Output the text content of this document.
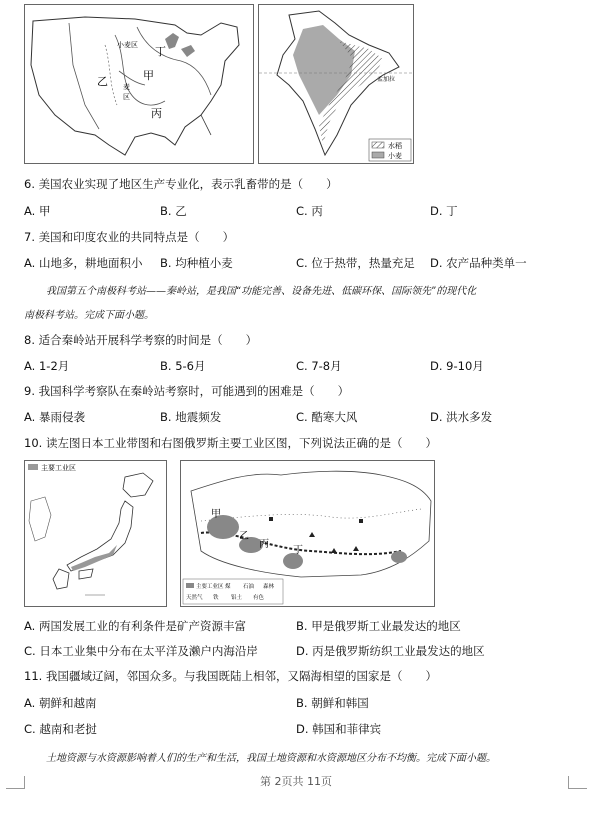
乙	甲
丙
丁
小麦区
麦
区
孟加拉
水稻
小麦
6. 美国农业实现了地区生产专业化，表示乳畜带的是（　　）
A. 甲	B. 乙	C. 丙	D. 丁
7. 美国和印度农业的共同特点是（　　）
A. 山地多，耕地面积小 B. 均种植小麦	C. 位于热带，热量充足 D. 农产品种类单一
我国第五个南极科考站——秦岭站，是我国“功能完善、设备先进、低碳环保、国际领先”的现代化
南极科考站。完成下面小题。
8. 适合秦岭站开展科学考察的时间是（　　）
A. 1-2月	B. 5-6月	C. 7-8月	D. 9-10月
9. 我国科学考察队在秦岭站考察时，可能遇到的困难是（　　）
A. 暴雨侵袭	B. 地震频发	C. 酷寒大风	D. 洪水多发
10. 读左图日本工业带图和右图俄罗斯主要工业区图，下列说法正确的是（　　）
主要工业区
甲
乙
丙
丁
主要工业区 煤 石油 森林
天然气 铁 铝土 有色
A. 两国发展工业的有利条件是矿产资源丰富	B. 甲是俄罗斯工业最发达的地区
C. 日本工业集中分布在太平洋及濑户内海沿岸	D. 丙是俄罗斯纺织工业最发达的地区
11. 我国疆域辽阔，邻国众多。与我国既陆上相邻，又隔海相望的国家是（　　）
A. 朝鲜和越南	B. 朝鲜和韩国
C. 越南和老挝	D. 韩国和菲律宾
土地资源与水资源影响着人们的生产和生活，我国土地资源和水资源地区分布不均衡。完成下面小题。
第 2页共 11页
